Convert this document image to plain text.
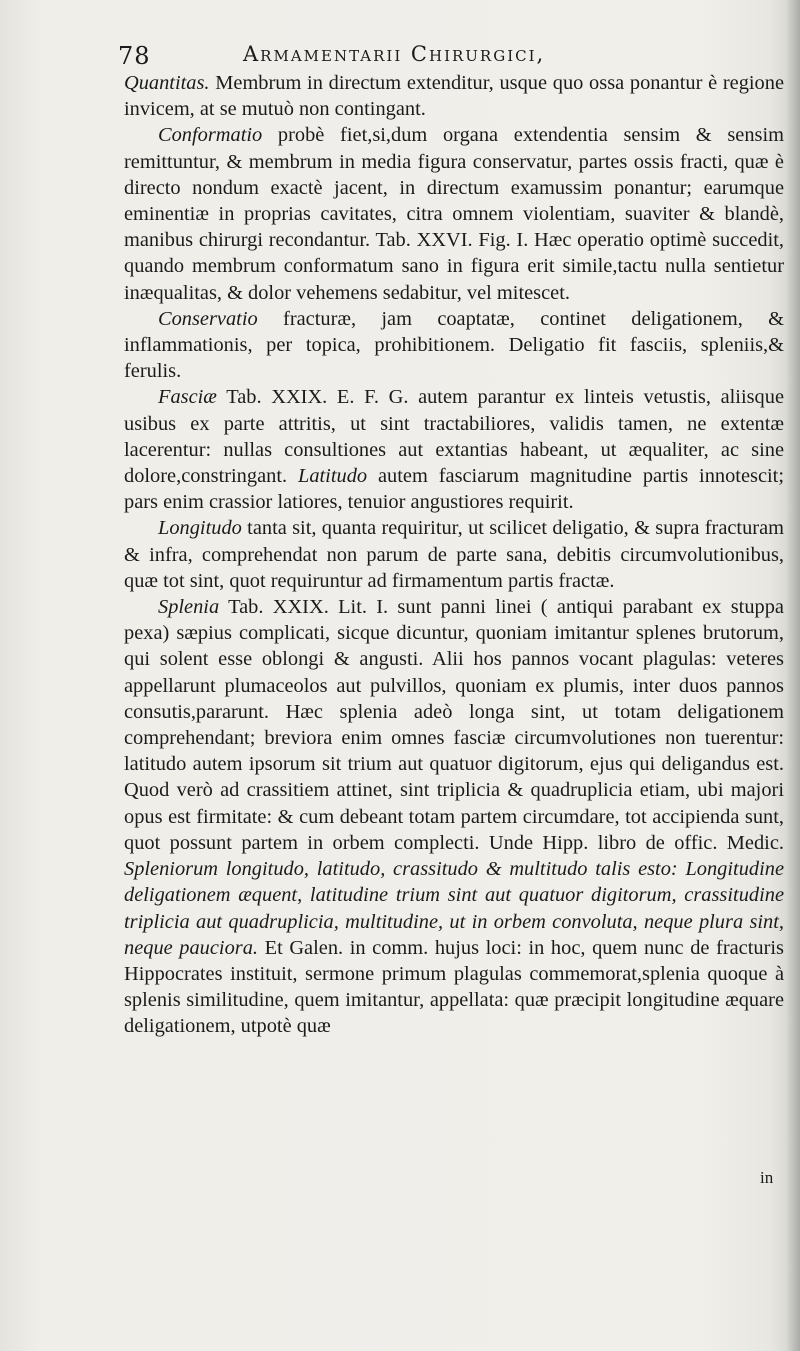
78	Armamentarii Chirurgici,

Quantitas. Membrum in directum extenditur, usque quo ossa ponantur è regione invicem, at se mutuò non contingant.

Conformatio probè fiet,si,dum organa extendentia sensim & sensim remittuntur, & membrum in media figura conservatur, partes ossis fracti, quæ è directo nondum exactè jacent, in directum examussim ponantur; earumque eminentiæ in proprias cavitates, citra omnem violentiam, suaviter & blandè, manibus chirurgi recondantur. Tab. XXVI. Fig. I. Hæc operatio optimè succedit, quando membrum conformatum sano in figura erit simile,tactu nulla sentietur inæqualitas, & dolor vehemens sedabitur, vel mitescet.

Conservatio fracturæ, jam coaptatæ, continet deligationem, & inflammationis, per topica, prohibitionem. Deligatio fit fasciis, spleniis,& ferulis.

Fasciæ Tab. XXIX. E. F. G. autem parantur ex linteis vetustis, aliisque usibus ex parte attritis, ut sint tractabiliores, validis tamen, ne extentæ lacerentur: nullas consultiones aut extantias habeant, ut æqualiter, ac sine dolore,constringant. Latitudo autem fasciarum magnitudine partis innotescit; pars enim crassior latiores, tenuior angustiores requirit.

Longitudo tanta sit, quanta requiritur, ut scilicet deligatio, & supra fracturam & infra, comprehendat non parum de parte sana, debitis circumvolutionibus, quæ tot sint, quot requiruntur ad firmamentum partis fractæ.

Splenia Tab. XXIX. Lit. I. sunt panni linei ( antiqui parabant ex stuppa pexa) sæpius complicati, sicque dicuntur, quoniam imitantur splenes brutorum, qui solent esse oblongi & angusti. Alii hos pannos vocant plagulas: veteres appellarunt plumaceolos aut pulvillos, quoniam ex plumis, inter duos pannos consutis,pararunt. Hæc splenia adeò longa sint, ut totam deligationem comprehendant; breviora enim omnes fasciæ circumvolutiones non tuerentur: latitudo autem ipsorum sit trium aut quatuor digitorum, ejus qui deligandus est. Quod verò ad crassitiem attinet, sint triplicia & quadruplicia etiam, ubi majori opus est firmitate: & cum debeant totam partem circumdare, tot accipienda sunt, quot possunt partem in orbem complecti. Unde Hipp. libro de offic. Medic. Spleniorum longitudo, latitudo, crassitudo & multitudo talis esto: Longitudine deligationem æquent, latitudine trium sint aut quatuor digitorum, crassitudine triplicia aut quadruplicia, multitudine, ut in orbem convoluta, neque plura sint, neque pauciora. Et Galen. in comm. hujus loci: in hoc, quem nunc de fracturis Hippocrates instituit, sermone primum plagulas commemorat,splenia quoque à splenis similitudine, quem imitantur, appellata: quæ præcipit longitudine æquare deligationem, utpotè quæ

in
